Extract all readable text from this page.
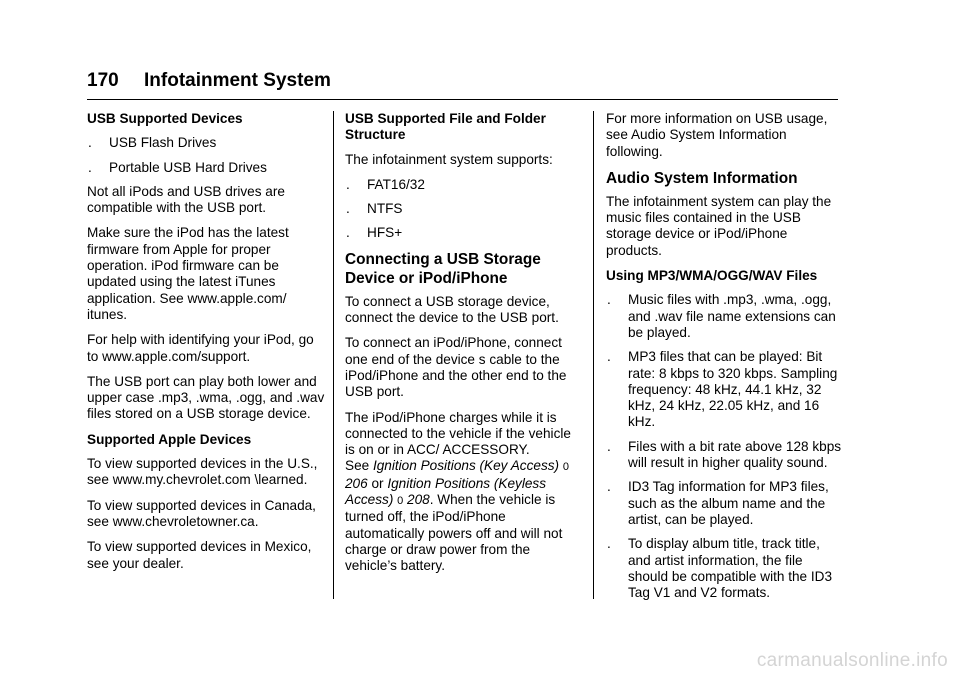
170 Infotainment System

USB Supported Devices

. USB Flash Drives
. Portable USB Hard Drives

Not all iPods and USB drives are compatible with the USB port.

Make sure the iPod has the latest firmware from Apple for proper operation. iPod firmware can be updated using the latest iTunes application. See www.apple.com/ itunes.

For help with identifying your iPod, go to www.apple.com/support.

The USB port can play both lower and upper case .mp3, .wma, .ogg, and .wav files stored on a USB storage device.

Supported Apple Devices

To view supported devices in the U.S., see www.my.chevrolet.com \learned.

To view supported devices in Canada, see www.chevroletowner.ca.

To view supported devices in Mexico, see your dealer.

USB Supported File and Folder Structure

The infotainment system supports:

. FAT16/32
. NTFS
. HFS+

Connecting a USB Storage Device or iPod/iPhone

To connect a USB storage device, connect the device to the USB port.

To connect an iPod/iPhone, connect one end of the device s cable to the iPod/iPhone and the other end to the USB port.

The iPod/iPhone charges while it is connected to the vehicle if the vehicle is on or in ACC/ ACCESSORY.

See Ignition Positions (Key Access) 0 206 or Ignition Positions (Keyless Access) 0 208. When the vehicle is turned off, the iPod/iPhone automatically powers off and will not charge or draw power from the vehicle’s battery.

For more information on USB usage, see Audio System Information following.

Audio System Information

The infotainment system can play the music files contained in the USB storage device or iPod/iPhone products.

Using MP3/WMA/OGG/WAV Files

. Music files with .mp3, .wma, .ogg, and .wav file name extensions can be played.
. MP3 files that can be played: Bit rate: 8 kbps to 320 kbps. Sampling frequency: 48 kHz, 44.1 kHz, 32 kHz, 24 kHz, 22.05 kHz, and 16 kHz.
. Files with a bit rate above 128 kbps will result in higher quality sound.
. ID3 Tag information for MP3 files, such as the album name and the artist, can be played.
. To display album title, track title, and artist information, the file should be compatible with the ID3 Tag V1 and V2 formats.
carmanualsonline.info
